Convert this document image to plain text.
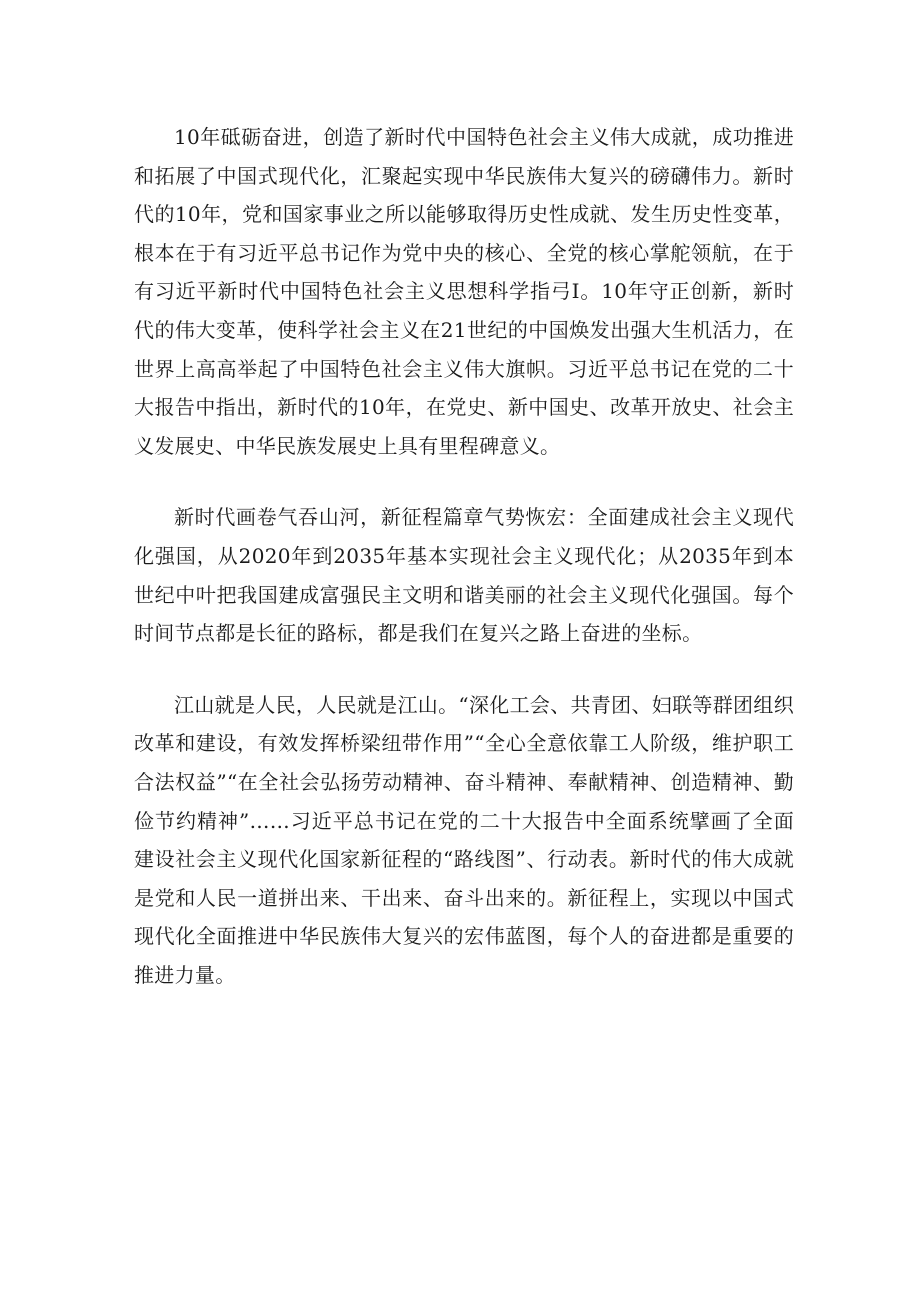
10年砥砺奋进，创造了新时代中国特色社会主义伟大成就，成功推进和拓展了中国式现代化，汇聚起实现中华民族伟大复兴的磅礴伟力。新时代的10年，党和国家事业之所以能够取得历史性成就、发生历史性变革，根本在于有习近平总书记作为党中央的核心、全党的核心掌舵领航，在于有习近平新时代中国特色社会主义思想科学指弓I。10年守正创新，新时代的伟大变革，使科学社会主义在21世纪的中国焕发出强大生机活力，在世界上高高举起了中国特色社会主义伟大旗帜。习近平总书记在党的二十大报告中指出，新时代的10年，在党史、新中国史、改革开放史、社会主义发展史、中华民族发展史上具有里程碑意义。

新时代画卷气吞山河，新征程篇章气势恢宏：全面建成社会主义现代化强国，从2020年到2035年基本实现社会主义现代化；从2035年到本世纪中叶把我国建成富强民主文明和谐美丽的社会主义现代化强国。每个时间节点都是长征的路标，都是我们在复兴之路上奋进的坐标。

江山就是人民，人民就是江山。“深化工会、共青团、妇联等群团组织改革和建设，有效发挥桥梁纽带作用”“全心全意依靠工人阶级，维护职工合法权益”“在全社会弘扬劳动精神、奋斗精神、奉献精神、创造精神、勤俭节约精神”……习近平总书记在党的二十大报告中全面系统擘画了全面建设社会主义现代化国家新征程的“路线图”、行动表。新时代的伟大成就是党和人民一道拼出来、干出来、奋斗出来的。新征程上，实现以中国式现代化全面推进中华民族伟大复兴的宏伟蓝图，每个人的奋进都是重要的推进力量。
